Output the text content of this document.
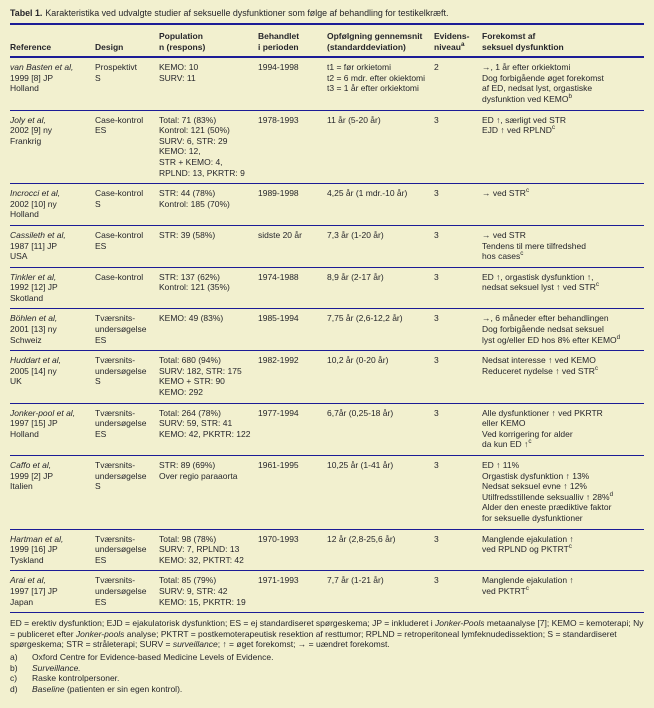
Tabel 1. Karakteristika ved udvalgte studier af seksuelle dysfunktioner som følge af behandling for testikelkræft.
Reference	Design	Population
n (respons)	Behandlet
i perioden	Opfølgning gennemsnit
(standarddeviation)	Evidens-
niveau$^a$	Forekomst af
seksuel dysfunktion
van Basten et al,
1999 [8] JP
Holland	Prospektivt
S	KEMO: 10
SURV: 11	1994-1998	t1 = før orkietomi
t2 = 6 mdr. efter okiektomi
t3 = 1 år efter orkiektomi	2	→, 1 år efter orkiektomi
Dog forbigående øget forekomst
af ED, nedsat lyst, orgastiske
dysfunktion ved KEMO$^b$
Joly et al,
2002 [9] ny
Frankrig	Case-kontrol
ES	Total: 71 (83%)
Kontrol: 121 (50%)
SURV: 6, STR: 29
KEMO: 12,
STR + KEMO: 4,
RPLND: 13, PKRTR: 9	1978-1993	11 år (5-20 år)	3	ED ↑, særligt ved STR
EJD ↑ ved RPLND$^c$
Incrocci et al,
2002 [10] ny
Holland	Case-kontrol
S	STR: 44 (78%)
Kontrol: 185 (70%)	1989-1998	4,25 år (1 mdr.-10 år)	3	→ ved STR$^c$
Cassileth et al,
1987 [11] JP
USA	Case-kontrol
ES	STR: 39 (58%)	sidste 20 år	7,3 år (1-20 år)	3	→ ved STR
Tendens til mere tilfredshed
hos cases$^c$
Tinkler et al,
1992 [12] JP
Skotland	Case-kontrol	STR: 137 (62%)
Kontrol: 121 (35%)	1974-1988	8,9 år (2-17 år)	3	ED ↑, orgastisk dysfunktion ↑,
nedsat seksuel lyst ↑ ved STR$^c$
Böhlen et al,
2001 [13] ny
Schweiz	Tværsnits-
undersøgelse
ES	KEMO: 49 (83%)	1985-1994	7,75 år (2,6-12,2 år)	3	→, 6 måneder efter behandlingen
Dog forbigående nedsat seksuel
lyst og/eller ED hos 8% efter KEMO$^d$
Huddart et al,
2005 [14] ny
UK	Tværsnits-
undersøgelse
S	Total: 680 (94%)
SURV: 182, STR: 175
KEMO + STR: 90
KEMO: 292	1982-1992	10,2 år (0-20 år)	3	Nedsat interesse ↑ ved KEMO
Reduceret nydelse ↑ ved STR$^c$
Jonker-pool et al,
1997 [15] JP
Holland	Tværsnits-
undersøgelse
ES	Total: 264 (78%)
SURV: 59, STR: 41
KEMO: 42, PKRTR: 122	1977-1994	6,7år (0,25-18 år)	3	Alle dysfunktioner ↑ ved PKRTR
eller KEMO
Ved korrigering for alder
da kun ED ↑$^c$
Caffo et al,
1999 [2] JP
Italien	Tværsnits-
undersøgelse
S	STR: 89 (69%)
Over regio paraaorta	1961-1995	10,25 år (1-41 år)	3	ED ↑ 11%
Orgastisk dysfunktion ↑ 13%
Nedsat seksuel evne ↑ 12%
Utilfredsstillende seksualliv ↑ 28%$^d$
Alder den eneste prædiktive faktor
for seksuelle dysfunktioner
Hartman et al,
1999 [16] JP
Tyskland	Tværsnits-
undersøgelse
ES	Total: 98 (78%)
SURV: 7, RPLND: 13
KEMO: 32, PKTRT: 42	1970-1993	12 år (2,8-25,6 år)	3	Manglende ejakulation ↑
ved RPLND og PKTRT$^c$
Arai et al,
1997 [17] JP
Japan	Tværsnits-
undersøgelse
ES	Total: 85 (79%)
SURV: 9, STR: 42
KEMO: 15, PKRTR: 19	1971-1993	7,7 år (1-21 år)	3	Manglende ejakulation ↑
ved PKTRT$^c$

ED = erektiv dysfunktion; EJD = ejakulatorisk dysfunktion; ES = ej standardiseret spørgeskema; JP = inkluderet i Jonker-Pools metaanalyse [7]; KEMO = kemoterapi; Ny = publiceret efter Jonker-pools analyse; PKTRT = postkemoterapeutisk resektion af resttumor; RPLND = retroperitoneal lymfeknudedissektion; S = standardiseret spørgeskema; STR = stråleterapi; SURV = surveillance; ↑ = øget forekomst; → = uændret forekomst.

a)	Oxford Centre for Evidence-based Medicine Levels of Evidence.
b)	Surveillance.
c)	Raske kontrolpersoner.
d)	Baseline (patienten er sin egen kontrol).
